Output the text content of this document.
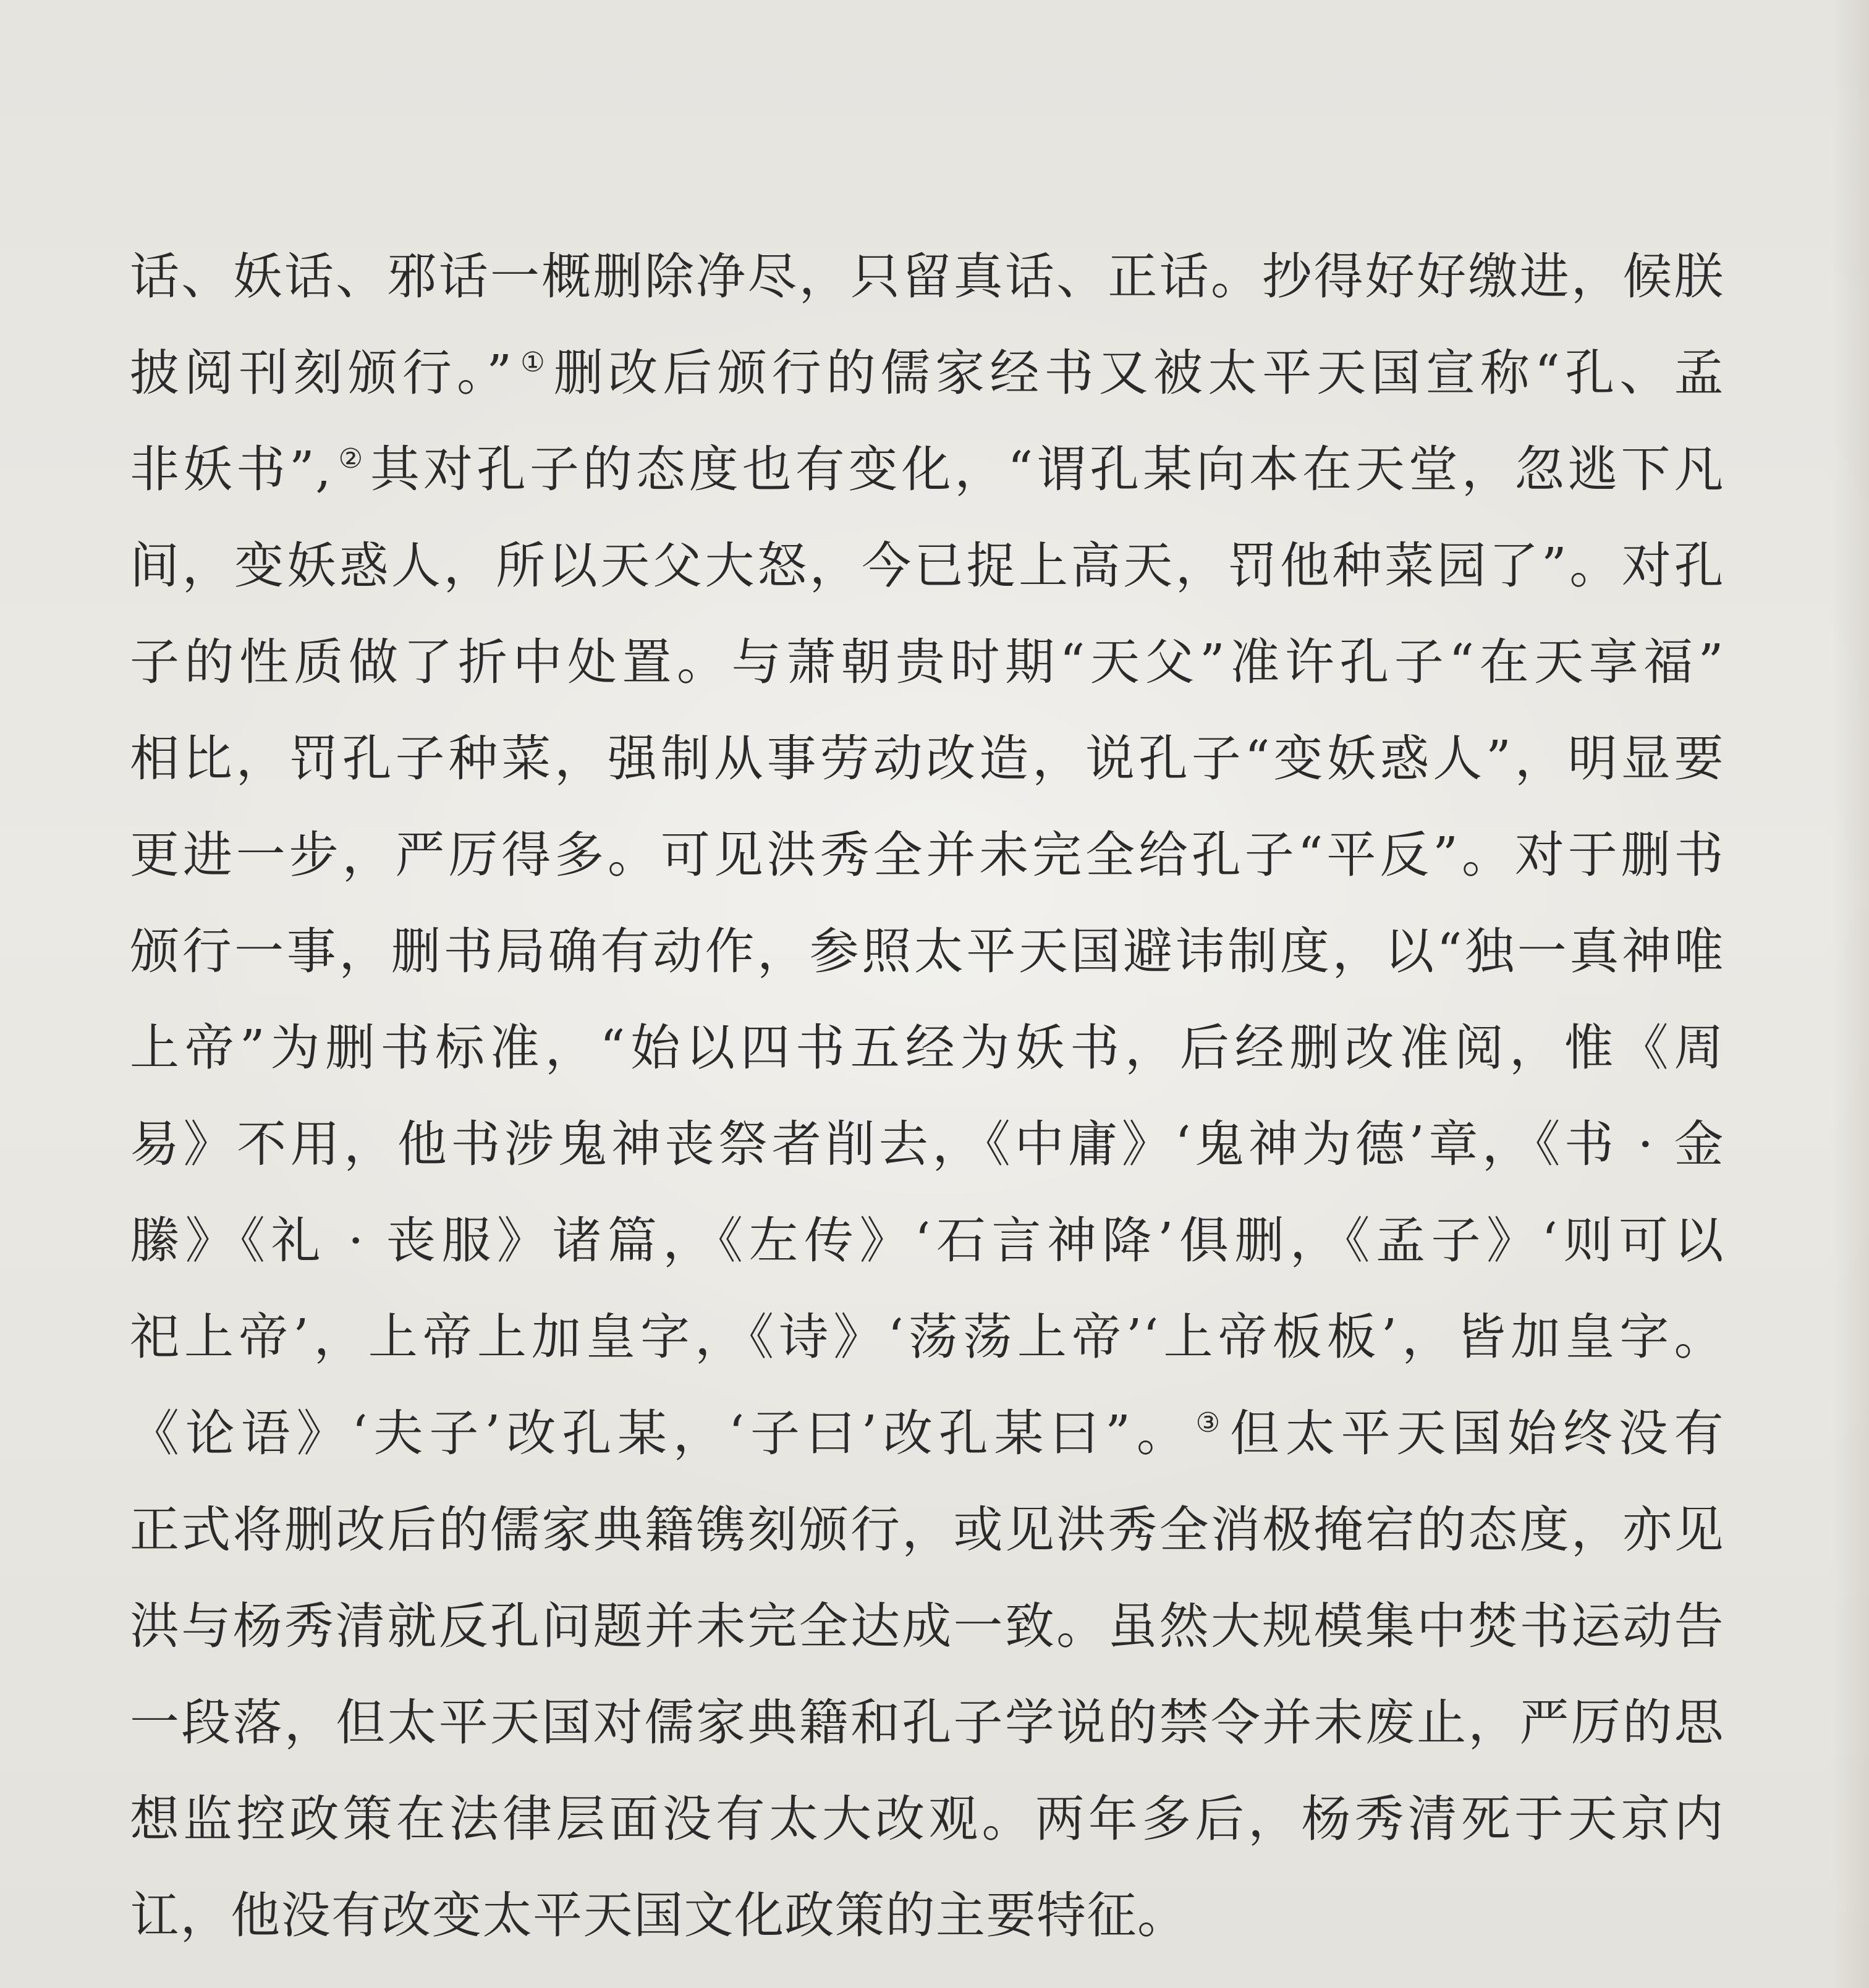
话、妖话、邪话一概删除净尽，只留真话、正话。抄得好好缴进，候朕
披阅刊刻颁行。” ①删改后颁行的儒家经书又被太平天国宣称“孔、孟
非妖书”, ②其对孔子的态度也有变化，“谓孔某向本在天堂，忽逃下凡
间，变妖惑人，所以天父大怒，今已捉上高天，罚他种菜园了”。对孔
子的性质做了折中处置。与萧朝贵时期“天父”准许孔子“在天享福”
相比，罚孔子种菜，强制从事劳动改造，说孔子“变妖惑人”，明显要
更进一步，严厉得多。可见洪秀全并未完全给孔子“平反”。对于删书
颁行一事，删书局确有动作，参照太平天国避讳制度，以“独一真神唯
上帝”为删书标准，“始以四书五经为妖书，后经删改准阅，惟《周
易》不用，他书涉鬼神丧祭者削去，《中庸》‘鬼神为德’章，《书 · 金
縢》《礼 · 丧服》诸篇，《左传》‘石言神降’俱删，《孟子》‘则可以
祀上帝’，上帝上加皇字，《诗》‘荡荡上帝’‘上帝板板’，皆加皇字。
《论语》‘夫子’改孔某，‘子曰’改孔某曰”。 ③但太平天国始终没有
正式将删改后的儒家典籍镌刻颁行，或见洪秀全消极掩宕的态度，亦见
洪与杨秀清就反孔问题并未完全达成一致。虽然大规模集中焚书运动告
一段落，但太平天国对儒家典籍和孔子学说的禁令并未废止，严厉的思
想监控政策在法律层面没有太大改观。两年多后，杨秀清死于天京内
讧，他没有改变太平天国文化政策的主要特征。
